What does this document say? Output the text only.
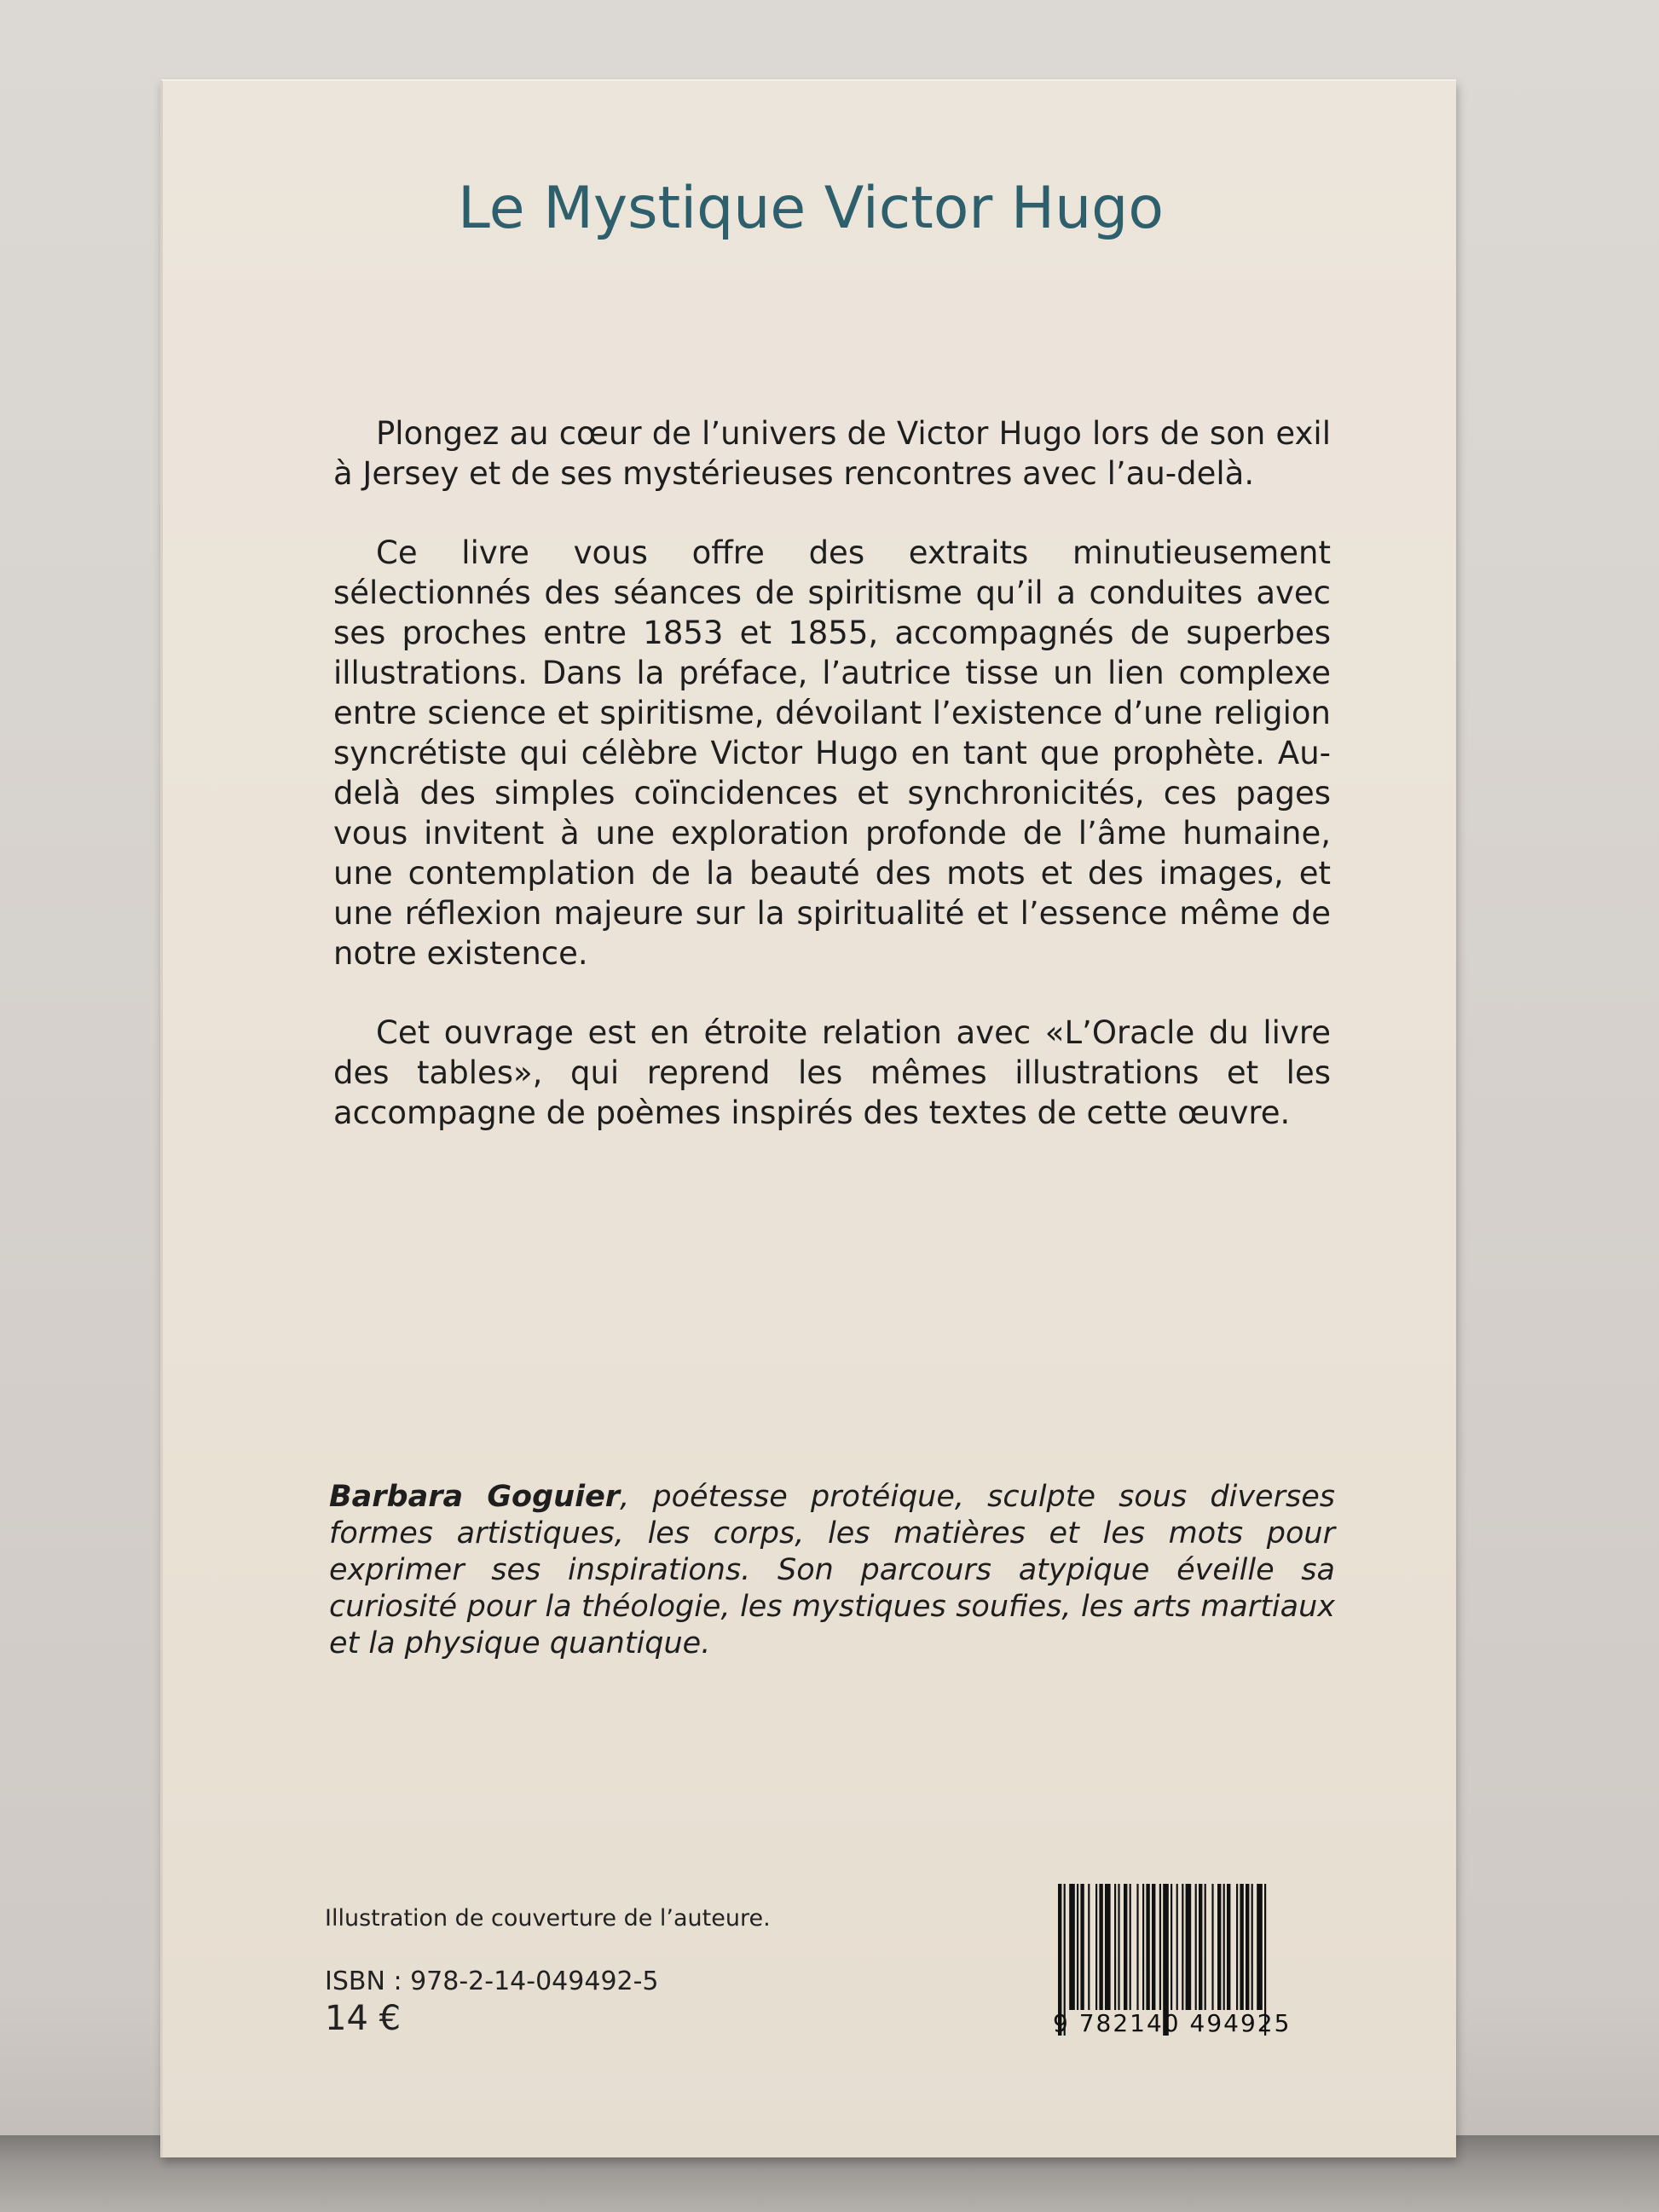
Le Mystique Victor Hugo

Plongez au cœur de l’univers de Victor Hugo lors de son exil à Jersey et de ses mystérieuses rencontres avec l’au-delà.

Ce livre vous offre des extraits minutieusement sélectionnés des séances de spiritisme qu’il a conduites avec ses proches entre 1853 et 1855, accompagnés de superbes illustrations. Dans la préface, l’autrice tisse un lien complexe entre science et spiritisme, dévoilant l’existence d’une religion syncrétiste qui célèbre Victor Hugo en tant que prophète. Au-delà des simples coïncidences et synchronicités, ces pages vous invitent à une exploration profonde de l’âme humaine, une contemplation de la beauté des mots et des images, et une réflexion majeure sur la spiritualité et l’essence même de notre existence.

Cet ouvrage est en étroite relation avec «L’Oracle du livre des tables», qui reprend les mêmes illustrations et les accompagne de poèmes inspirés des textes de cette œuvre.

Barbara Goguier, poétesse protéique, sculpte sous diverses formes artistiques, les corps, les matières et les mots pour exprimer ses inspirations. Son parcours atypique éveille sa curiosité pour la théologie, les mystiques soufies, les arts martiaux et la physique quantique.

Illustration de couverture de l’auteure.
ISBN : 978-2-14-049492-5
14 €	9 782140 494925
